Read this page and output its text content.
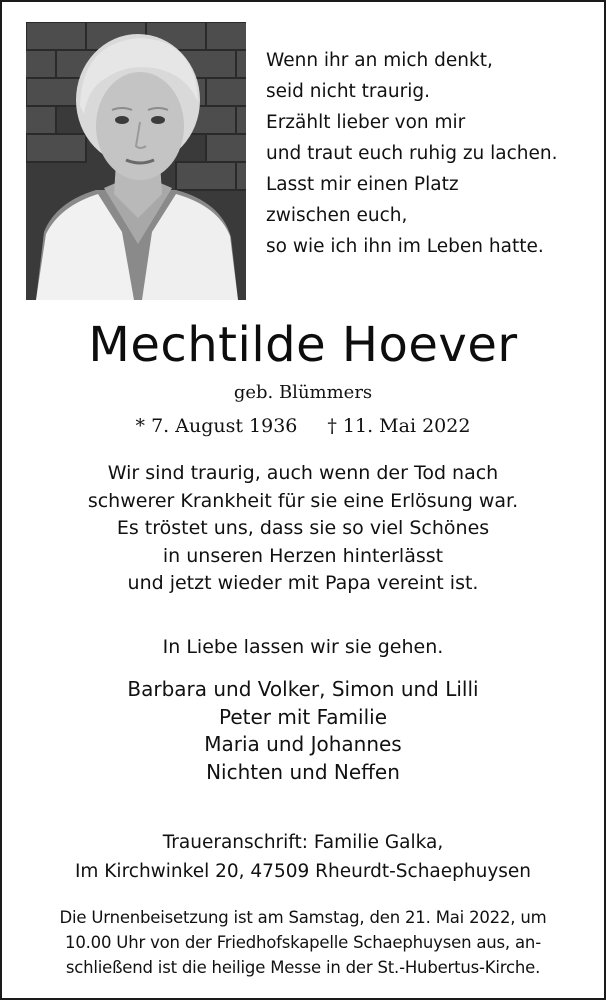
Wenn ihr an mich denkt,
seid nicht traurig.
Erzählt lieber von mir
und traut euch ruhig zu lachen.
Lasst mir einen Platz
zwischen euch,
so wie ich ihn im Leben hatte.
Mechtilde Hoever
geb. Blümmers
* 7. August 1936 † 11. Mai 2022
Wir sind traurig, auch wenn der Tod nach
schwerer Krankheit für sie eine Erlösung war.
Es tröstet uns, dass sie so viel Schönes
in unseren Herzen hinterlässt
und jetzt wieder mit Papa vereint ist.
In Liebe lassen wir sie gehen.
Barbara und Volker, Simon und Lilli
Peter mit Familie
Maria und Johannes
Nichten und Neffen
Traueranschrift: Familie Galka,
Im Kirchwinkel 20, 47509 Rheurdt-Schaephuysen
Die Urnenbeisetzung ist am Samstag, den 21. Mai 2022, um
10.00 Uhr von der Friedhofskapelle Schaephuysen aus, an-
schließend ist die heilige Messe in der St.-Hubertus-Kirche.
